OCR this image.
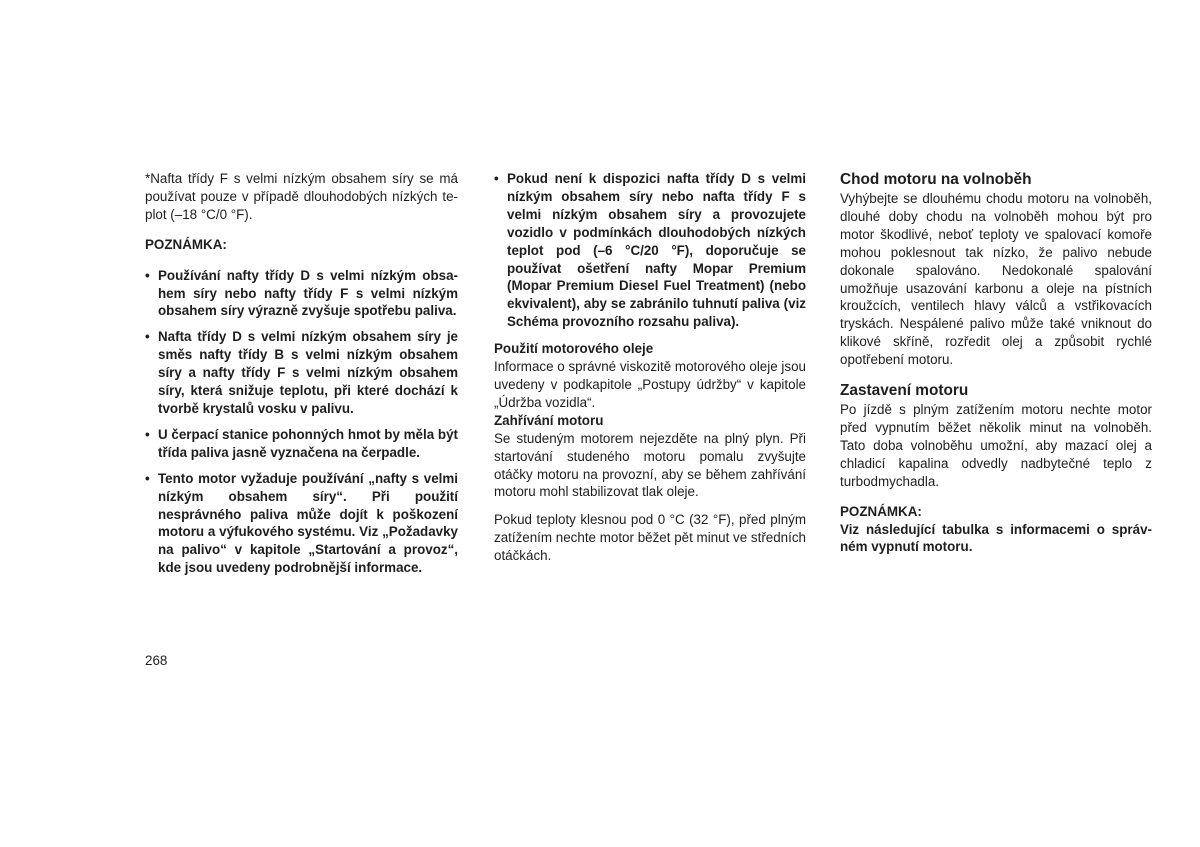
*Nafta třídy F s velmi nízkým obsahem síry se má používat pouze v případě dlouhodobých nízkých teplot (–18 °C/0 °F).

POZNÁMKA:

• Používání nafty třídy D s velmi nízkým obsahem síry nebo nafty třídy F s velmi nízkým obsahem síry výrazně zvyšuje spotřebu paliva.
• Nafta třídy D s velmi nízkým obsahem síry je směs nafty třídy B s velmi nízkým obsahem síry a nafty třídy F s velmi nízkým obsahem síry, která snižuje teplotu, při které dochází k tvorbě krystalů vosku v palivu.
• U čerpací stanice pohonných hmot by měla být třída paliva jasně vyznačena na čerpadle.
• Tento motor vyžaduje používání „nafty s velmi nízkým obsahem síry“. Při použití nesprávného paliva může dojít k poškození motoru a výfukového systému. Viz „Požadavky na palivo“ v kapitole „Startování a provoz“, kde jsou uvedeny podrobnější informace.
• Pokud není k dispozici nafta třídy D s velmi nízkým obsahem síry nebo nafta třídy F s velmi nízkým obsahem síry a provozujete vozidlo v podmínkách dlouhodobých nízkých teplot pod (–6 °C/20 °F), doporučuje se používat ošetření nafty Mopar Premium (Mopar Premium Diesel Fuel Treatment) (nebo ekvivalent), aby se zabránilo tuhnutí paliva (viz Schéma provozního rozsahu paliva).
Použití motorového oleje

Informace o správné viskozitě motorového oleje jsou uvedeny v podkapitole „Postupy údržby“ v kapitole „Údržba vozidla“.

Zahřívání motoru

Se studeným motorem nejezděte na plný plyn. Při startování studeného motoru pomalu zvyšujte otáčky motoru na provozní, aby se během zahřívání motoru mohl stabilizovat tlak oleje.

Pokud teploty klesnou pod 0 °C (32 °F), před plným zatížením nechte motor běžet pět minut ve středních otáčkách.

Chod motoru na volnoběh

Vyhýbejte se dlouhému chodu motoru na volnoběh, dlouhé doby chodu na volnoběh mohou být pro motor škodlivé, neboť teploty ve spalovací komoře mohou poklesnout tak nízko, že palivo nebude dokonale spalováno. Nedokonalé spalování umožňuje usazování karbonu a oleje na pístních kroužcích, ventilech hlavy válců a vstřikovacích tryskách. Nespálené palivo může také vniknout do klikové skříně, rozředit olej a způsobit rychlé opotřebení motoru.

Zastavení motoru

Po jízdě s plným zatížením motoru nechte motor před vypnutím běžet několik minut na volnoběh. Tato doba volnoběhu umožní, aby mazací olej a chladicí kapalina odvedly nadbytečné teplo z turbodmychadla.

POZNÁMKA:

Viz následující tabulka s informacemi o správném vypnutí motoru.

268
